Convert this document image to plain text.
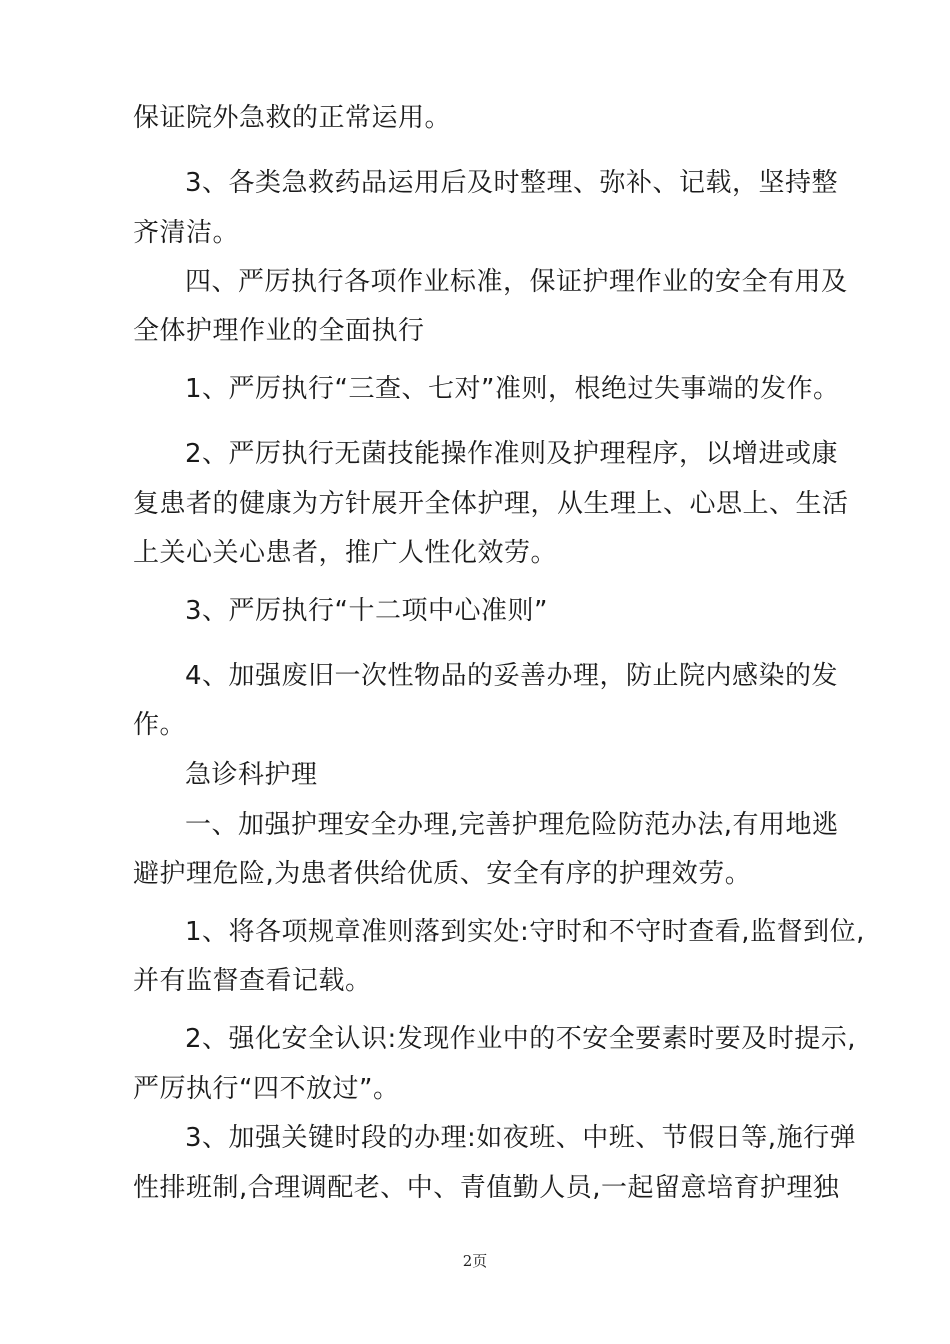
保证院外急救的正常运用。
3、各类急救药品运用后及时整理、弥补、记载，坚持整
齐清洁。
四、严厉执行各项作业标准，保证护理作业的安全有用及
全体护理作业的全面执行
1、严厉执行“三查、七对”准则，根绝过失事端的发作。
2、严厉执行无菌技能操作准则及护理程序，以增进或康
复患者的健康为方针展开全体护理，从生理上、心思上、生活
上关心关心患者，推广人性化效劳。
3、严厉执行“十二项中心准则”
4、加强废旧一次性物品的妥善办理，防止院内感染的发
作。
急诊科护理
一、加强护理安全办理,完善护理危险防范办法,有用地逃
避护理危险,为患者供给优质、安全有序的护理效劳。
1、将各项规章准则落到实处:守时和不守时查看,监督到位,
并有监督查看记载。
2、强化安全认识:发现作业中的不安全要素时要及时提示,
严厉执行“四不放过”。
3、加强关键时段的办理:如夜班、中班、节假日等,施行弹
性排班制,合理调配老、中、青值勤人员,一起留意培育护理独
2页
